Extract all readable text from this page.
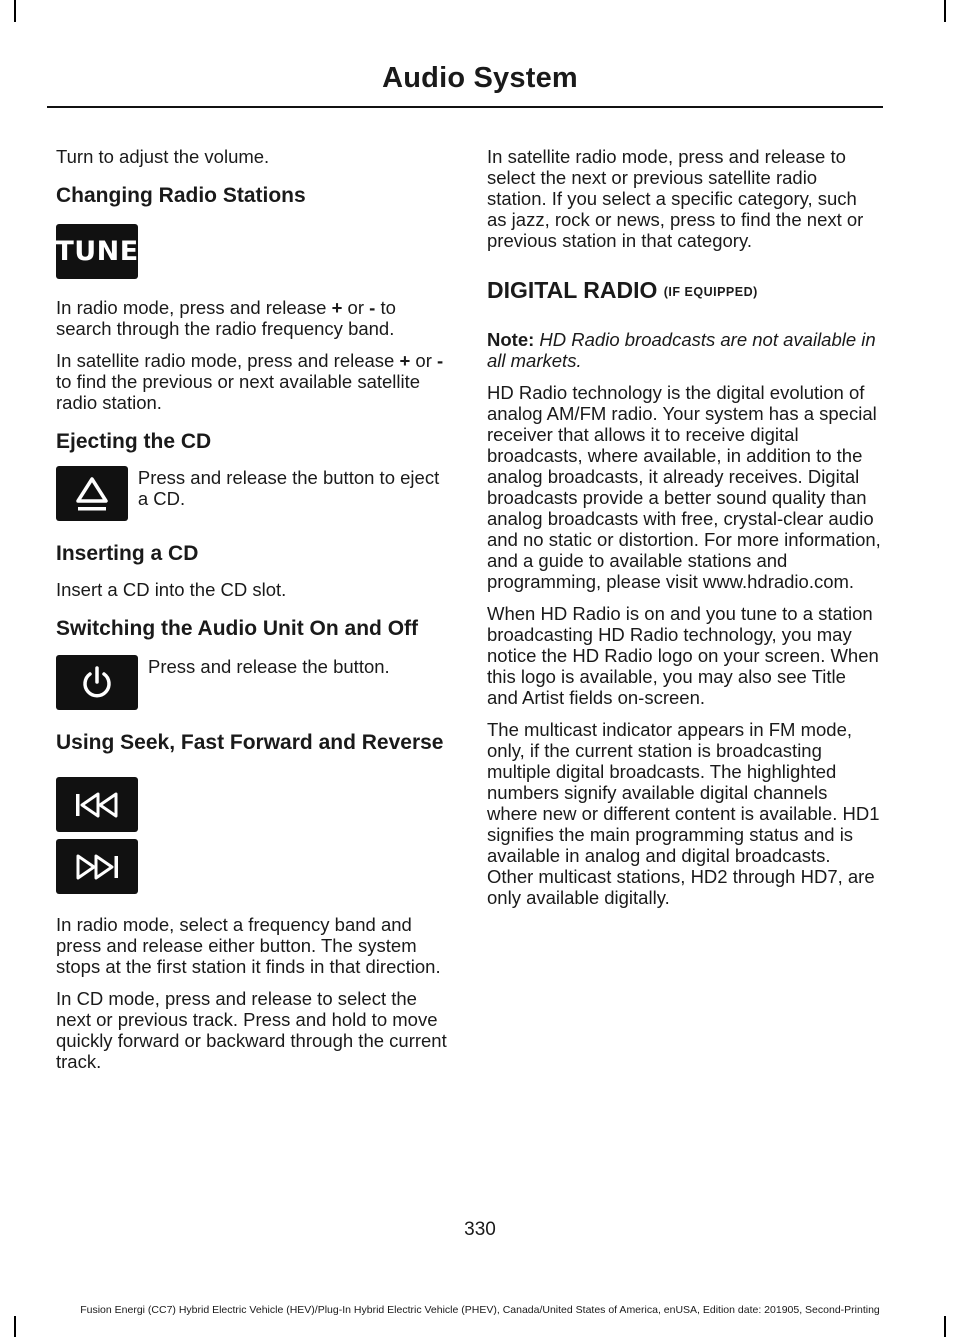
Audio System

Turn to adjust the volume.

Changing Radio Stations
TUNE

In radio mode, press and release + or - to search through the radio frequency band.

In satellite radio mode, press and release + or - to find the previous or next available satellite radio station.

Ejecting the CD

Press and release the button to eject a CD.

Inserting a CD

Insert a CD into the CD slot.

Switching the Audio Unit On and Off

Press and release the button.

Using Seek, Fast Forward and Reverse

In radio mode, select a frequency band and press and release either button. The system stops at the first station it finds in that direction.

In CD mode, press and release to select the next or previous track. Press and hold to move quickly forward or backward through the current track.

In satellite radio mode, press and release to select the next or previous satellite radio station. If you select a specific category, such as jazz, rock or news, press to find the next or previous station in that category.

DIGITAL RADIO (IF EQUIPPED)

Note: HD Radio broadcasts are not available in all markets.

HD Radio technology is the digital evolution of analog AM/FM radio. Your system has a special receiver that allows it to receive digital broadcasts, where available, in addition to the analog broadcasts, it already receives. Digital broadcasts provide a better sound quality than analog broadcasts with free, crystal-clear audio and no static or distortion. For more information, and a guide to available stations and programming, please visit www.hdradio.com.

When HD Radio is on and you tune to a station broadcasting HD Radio technology, you may notice the HD Radio logo on your screen. When this logo is available, you may also see Title and Artist fields on-screen.

The multicast indicator appears in FM mode, only, if the current station is broadcasting multiple digital broadcasts. The highlighted numbers signify available digital channels where new or different content is available. HD1 signifies the main programming status and is available in analog and digital broadcasts. Other multicast stations, HD2 through HD7, are only available digitally.

330
Fusion Energi (CC7) Hybrid Electric Vehicle (HEV)/Plug-In Hybrid Electric Vehicle (PHEV), Canada/United States of America, enUSA, Edition date: 201905, Second-Printing
